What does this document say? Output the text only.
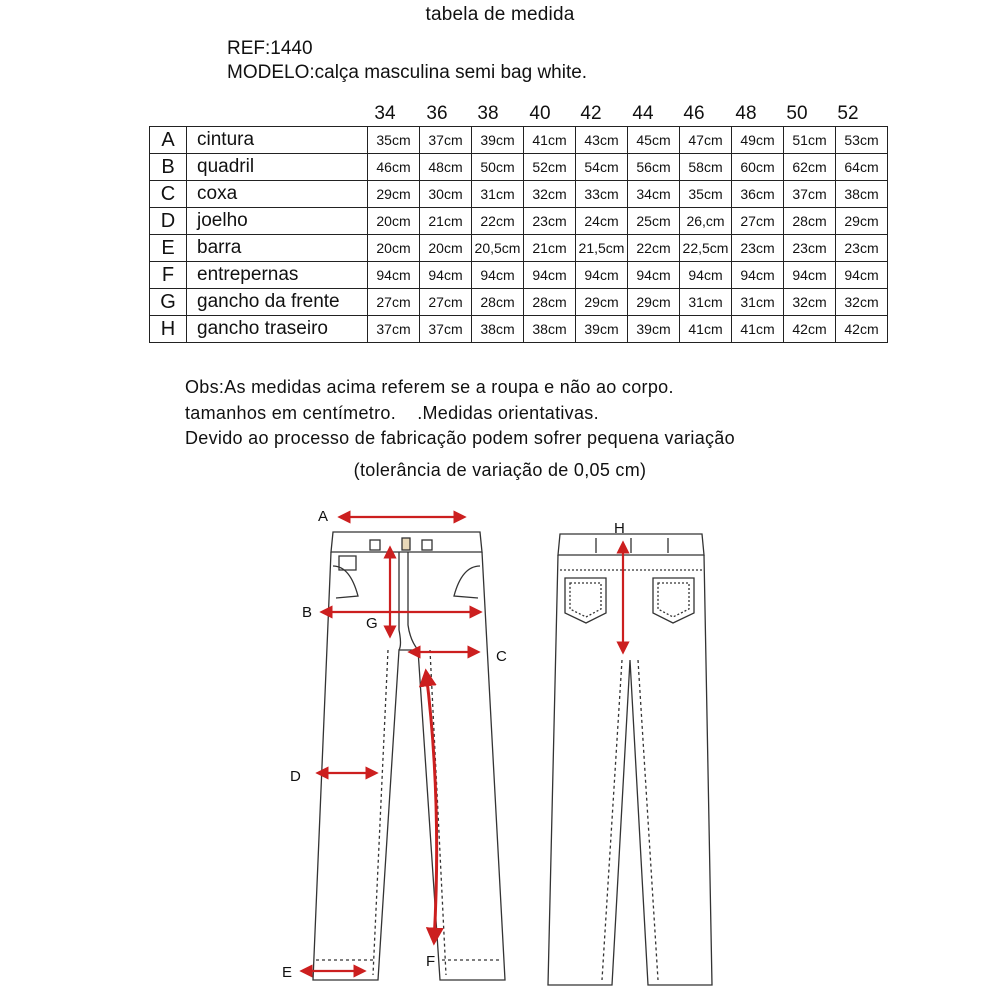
tabela de medida
REF:1440
MODELO:calça masculina semi bag white.
34	36	38	40	42	44	46	48	50	52
A	cintura	35cm	37cm	39cm	41cm	43cm	45cm	47cm	49cm	51cm	53cm
B	quadril	46cm	48cm	50cm	52cm	54cm	56cm	58cm	60cm	62cm	64cm
C	coxa	29cm	30cm	31cm	32cm	33cm	34cm	35cm	36cm	37cm	38cm
D	joelho	20cm	21cm	22cm	23cm	24cm	25cm	26,cm	27cm	28cm	29cm
E	barra	20cm	20cm	20,5cm	21cm	21,5cm	22cm	22,5cm	23cm	23cm	23cm
F	entrepernas	94cm	94cm	94cm	94cm	94cm	94cm	94cm	94cm	94cm	94cm
G	gancho da frente	27cm	27cm	28cm	28cm	29cm	29cm	31cm	31cm	32cm	32cm
H	gancho traseiro	37cm	37cm	38cm	38cm	39cm	39cm	41cm	41cm	42cm	42cm
Obs:As medidas acima referem se a roupa e não ao corpo.
tamanhos em centímetro.    .Medidas orientativas.
Devido ao processo de fabricação podem sofrer pequena variação
(tolerância de variação de 0,05 cm)
A
B
C
D
E
F
G
H
